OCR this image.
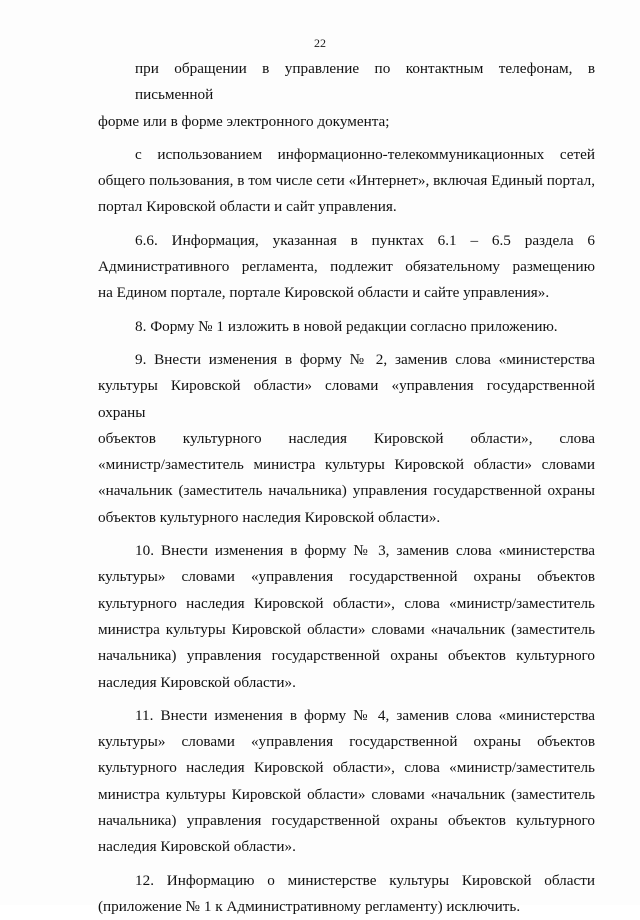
22
при обращении в управление по контактным телефонам, в письменной
форме или в форме электронного документа;
с использованием информационно-телекоммуникационных сетей
общего пользования, в том числе сети «Интернет», включая Единый портал,
портал Кировской области и сайт управления.
6.6. Информация, указанная в пунктах 6.1 – 6.5 раздела 6
Административного регламента, подлежит обязательному размещению
на Едином портале, портале Кировской области и сайте управления».
8. Форму № 1 изложить в новой редакции согласно приложению.
9. Внести изменения в форму № 2, заменив слова «министерства
культуры Кировской области» словами «управления государственной охраны
объектов культурного наследия Кировской области», слова
«министр/заместитель министра культуры Кировской области» словами
«начальник (заместитель начальника) управления государственной охраны
объектов культурного наследия Кировской области».
10. Внести изменения в форму № 3, заменив слова «министерства
культуры» словами «управления государственной охраны объектов
культурного наследия Кировской области», слова «министр/заместитель
министра культуры Кировской области» словами «начальник (заместитель
начальника) управления государственной охраны объектов культурного
наследия Кировской области».
11. Внести изменения в форму № 4, заменив слова «министерства
культуры» словами «управления государственной охраны объектов
культурного наследия Кировской области», слова «министр/заместитель
министра культуры Кировской области» словами «начальник (заместитель
начальника) управления государственной охраны объектов культурного
наследия Кировской области».
12. Информацию о министерстве культуры Кировской области
(приложение № 1 к Административному регламенту) исключить.
